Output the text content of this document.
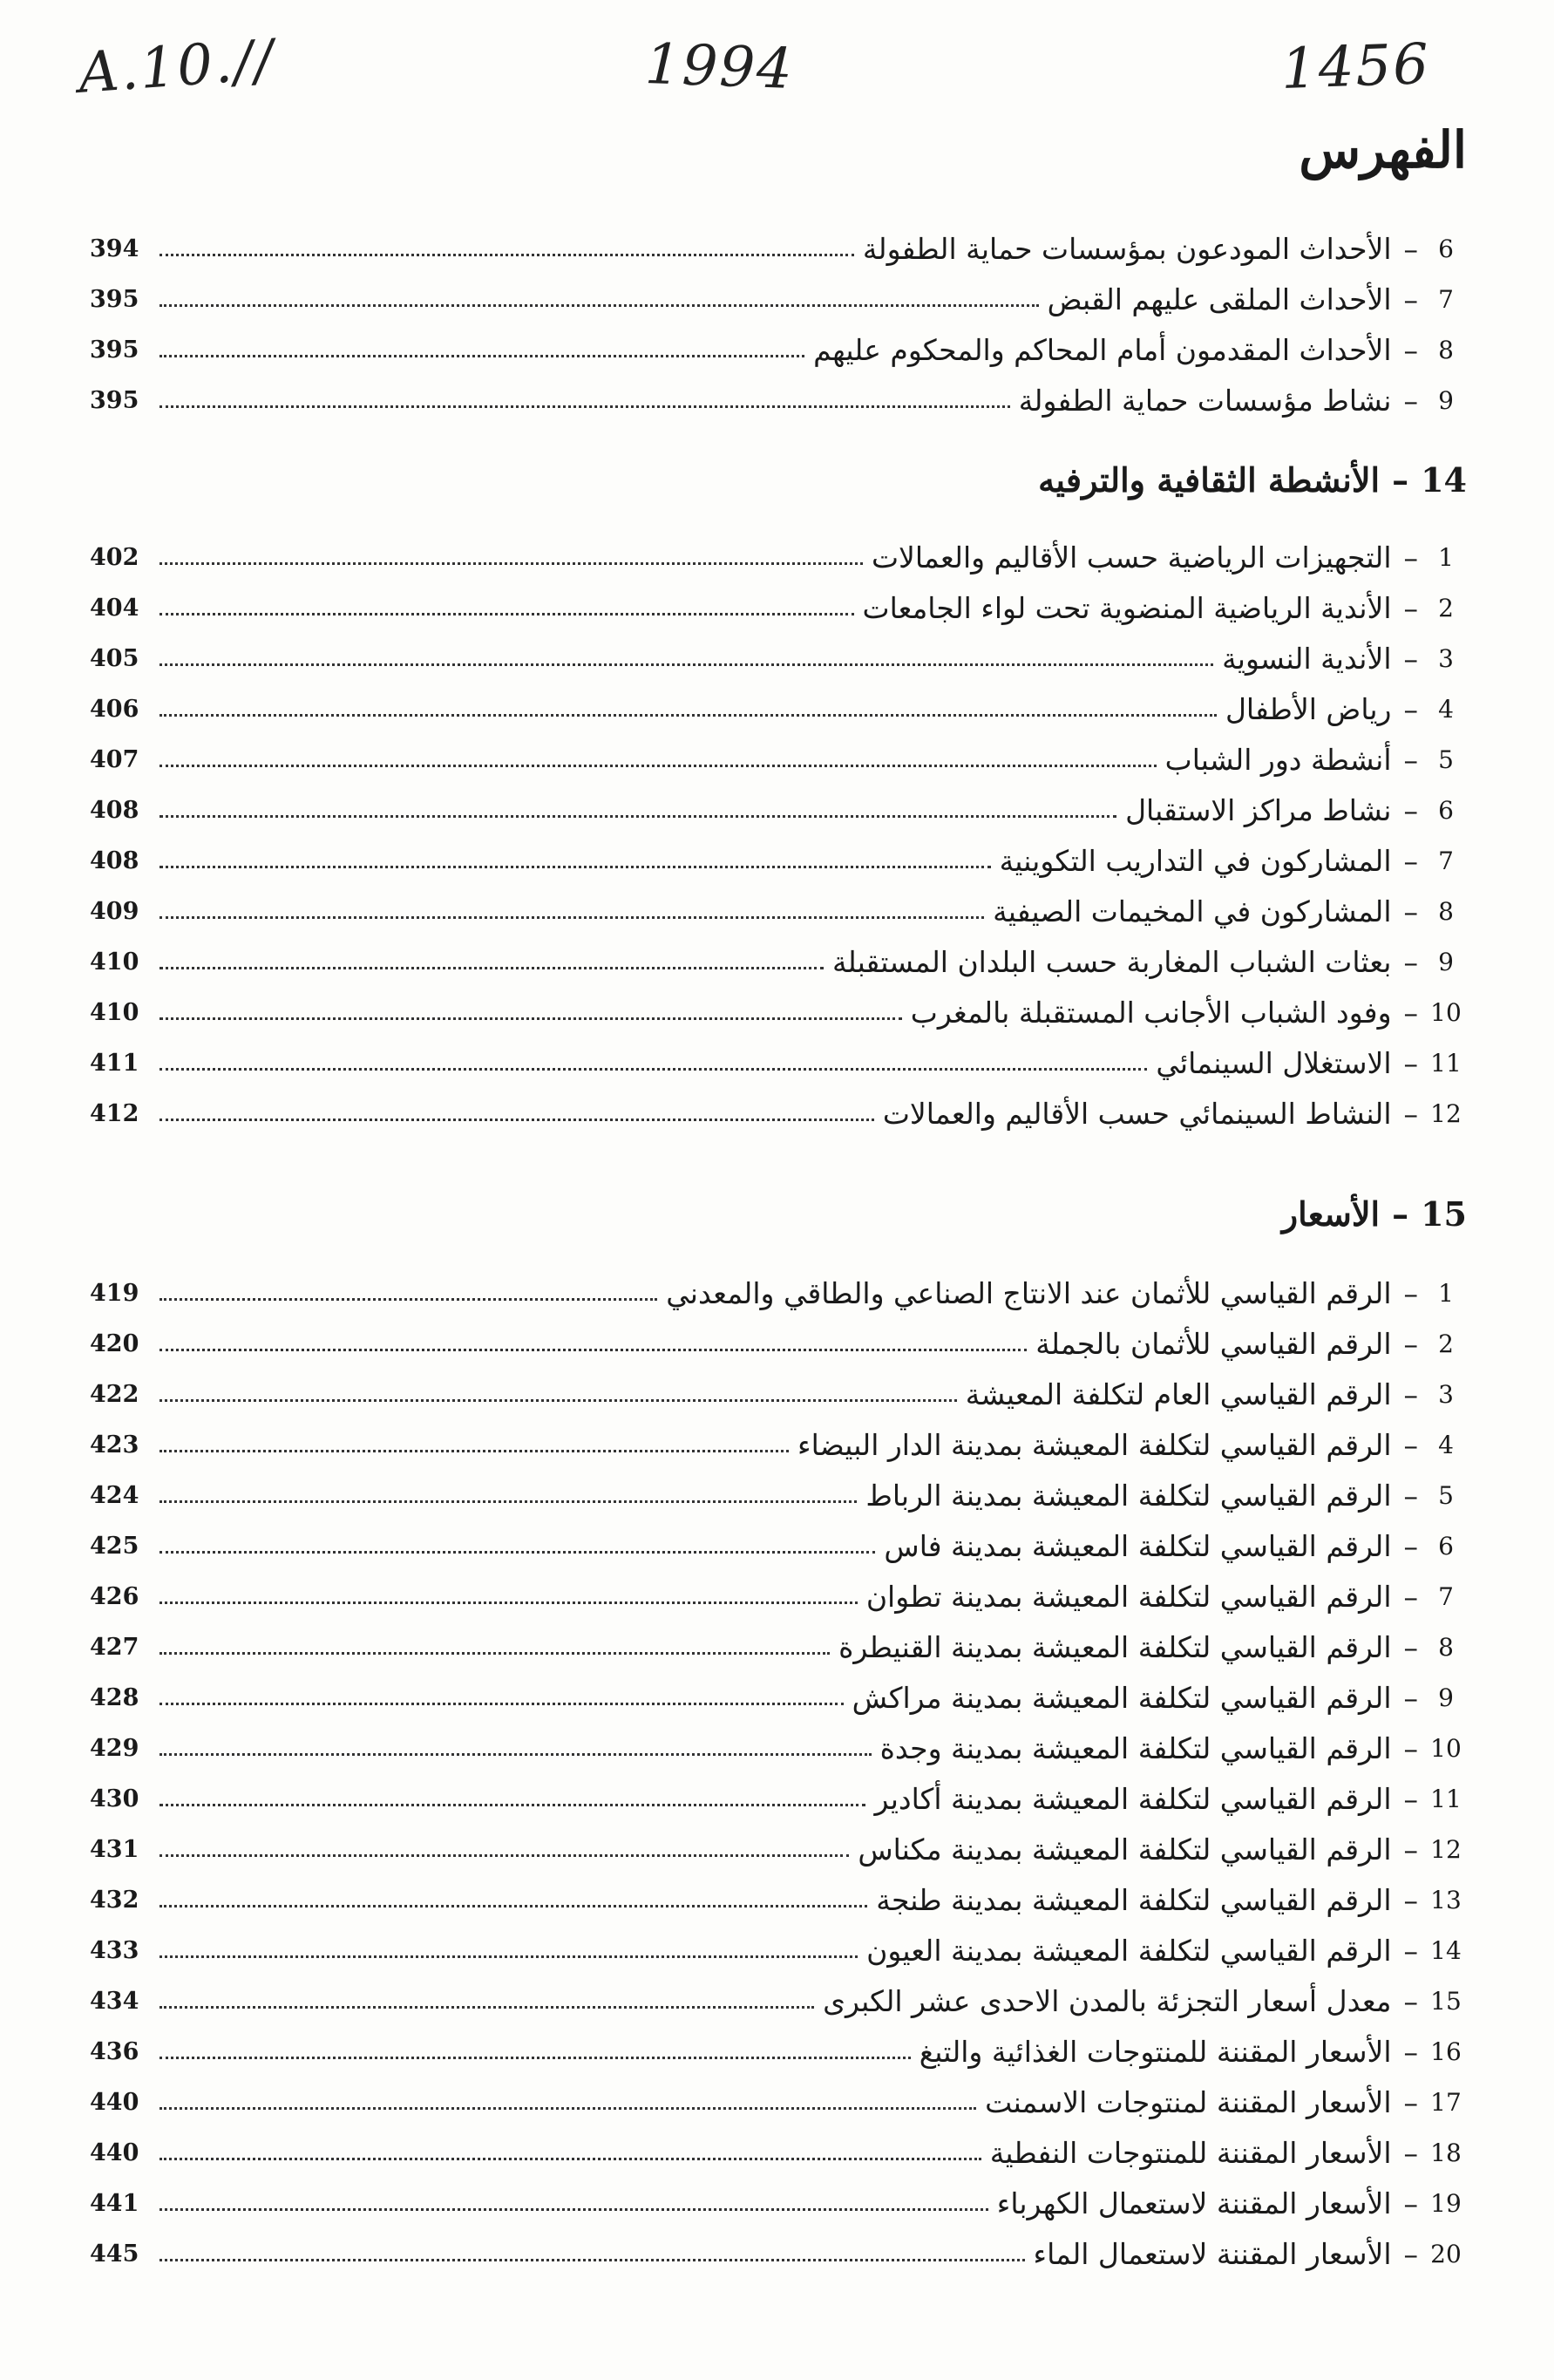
A.10.//	1994	1456
الفهرس
6
–
الأحداث المودعون بمؤسسات حماية الطفولة
394
7
–
الأحداث الملقى عليهم القبض
395
8
–
الأحداث المقدمون أمام المحاكم والمحكوم عليهم
395
9
–
نشاط مؤسسات حماية الطفولة
395
14
–
الأنشطة الثقافية والترفيه
1
–
التجهيزات الرياضية حسب الأقاليم والعمالات
402
2
–
الأندية الرياضية المنضوية تحت لواء الجامعات
404
3
–
الأندية النسوية
405
4
–
رياض الأطفال
406
5
–
أنشطة دور الشباب
407
6
–
نشاط مراكز الاستقبال
408
7
–
المشاركون في التداريب التكوينية
408
8
–
المشاركون في المخيمات الصيفية
409
9
–
بعثات الشباب المغاربة حسب البلدان المستقبلة
410
10
–
وفود الشباب الأجانب المستقبلة بالمغرب
410
11
–
الاستغلال السينمائي
411
12
–
النشاط السينمائي حسب الأقاليم والعمالات
412
15
–
الأسعار
1
–
الرقم القياسي للأثمان عند الانتاج الصناعي والطاقي والمعدني
419
2
–
الرقم القياسي للأثمان بالجملة
420
3
–
الرقم القياسي العام لتكلفة المعيشة
422
4
–
الرقم القياسي لتكلفة المعيشة بمدينة الدار البيضاء
423
5
–
الرقم القياسي لتكلفة المعيشة بمدينة الرباط
424
6
–
الرقم القياسي لتكلفة المعيشة بمدينة فاس
425
7
–
الرقم القياسي لتكلفة المعيشة بمدينة تطوان
426
8
–
الرقم القياسي لتكلفة المعيشة بمدينة القنيطرة
427
9
–
الرقم القياسي لتكلفة المعيشة بمدينة مراكش
428
10
–
الرقم القياسي لتكلفة المعيشة بمدينة وجدة
429
11
–
الرقم القياسي لتكلفة المعيشة بمدينة أكادير
430
12
–
الرقم القياسي لتكلفة المعيشة بمدينة مكناس
431
13
–
الرقم القياسي لتكلفة المعيشة بمدينة طنجة
432
14
–
الرقم القياسي لتكلفة المعيشة بمدينة العيون
433
15
–
معدل أسعار التجزئة بالمدن الاحدى عشر الكبرى
434
16
–
الأسعار المقننة للمنتوجات الغذائية والتبغ
436
17
–
الأسعار المقننة لمنتوجات الاسمنت
440
18
–
الأسعار المقننة للمنتوجات النفطية
440
19
–
الأسعار المقننة لاستعمال الكهرباء
441
20
–
الأسعار المقننة لاستعمال الماء
445
